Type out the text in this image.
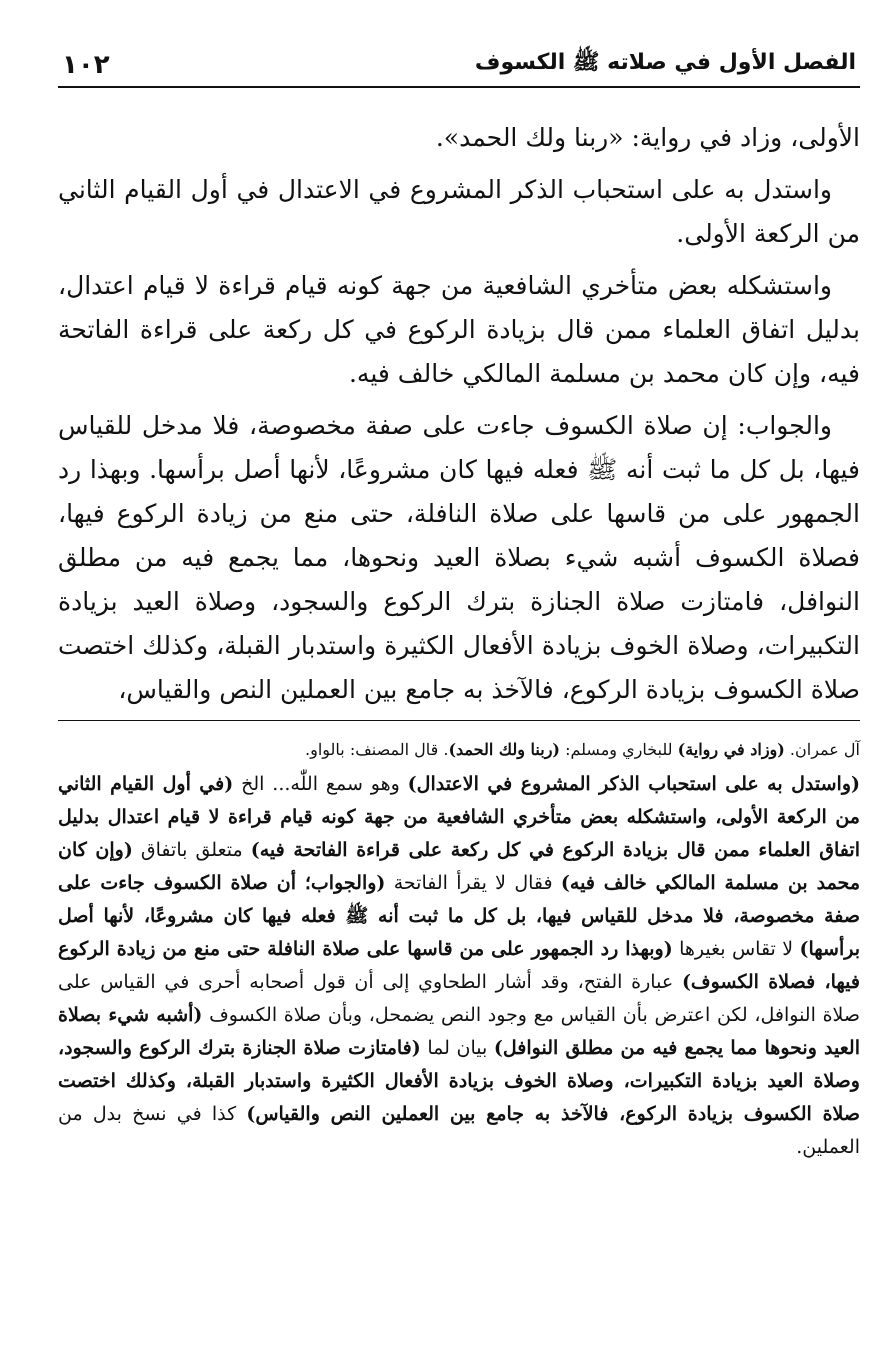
الفصل الأول في صلاته ﷺ الكسوف
١٠٢

الأولى، وزاد في رواية: «ربنا ولك الحمد».

واستدل به على استحباب الذكر المشروع في الاعتدال في أول القيام الثاني من الركعة الأولى.

واستشكله بعض متأخري الشافعية من جهة كونه قيام قراءة لا قيام اعتدال، بدليل اتفاق العلماء ممن قال بزيادة الركوع في كل ركعة على قراءة الفاتحة فيه، وإن كان محمد بن مسلمة المالكي خالف فيه.

والجواب: إن صلاة الكسوف جاءت على صفة مخصوصة، فلا مدخل للقياس فيها، بل كل ما ثبت أنه ﷺ فعله فيها كان مشروعًا، لأنها أصل برأسها. وبهذا رد الجمهور على من قاسها على صلاة النافلة، حتى منع من زيادة الركوع فيها، فصلاة الكسوف أشبه شيء بصلاة العيد ونحوها، مما يجمع فيه من مطلق النوافل، فامتازت صلاة الجنازة بترك الركوع والسجود، وصلاة العيد بزيادة التكبيرات، وصلاة الخوف بزيادة الأفعال الكثيرة واستدبار القبلة، وكذلك اختصت صلاة الكسوف بزيادة الركوع، فالآخذ به جامع بين العملين النص والقياس،

آل عمران. (وزاد في رواية) للبخاري ومسلم: (ربنا ولك الحمد). قال المصنف: بالواو.

(واستدل به على استحباب الذكر المشروع في الاعتدال) وهو سمع اللّٰه... الخ (في أول القيام الثاني من الركعة الأولى، واستشكله بعض متأخري الشافعية من جهة كونه قيام قراءة لا قيام اعتدال بدليل اتفاق العلماء ممن قال بزيادة الركوع في كل ركعة على قراءة الفاتحة فيه) متعلق باتفاق (وإن كان محمد بن مسلمة المالكي خالف فيه) فقال لا يقرأ الفاتحة (والجواب؛ أن صلاة الكسوف جاءت على صفة مخصوصة، فلا مدخل للقياس فيها، بل كل ما ثبت أنه ﷺ فعله فيها كان مشروعًا، لأنها أصل برأسها) لا تقاس بغيرها (وبهذا رد الجمهور على من قاسها على صلاة النافلة حتى منع من زيادة الركوع فيها، فصلاة الكسوف) عبارة الفتح، وقد أشار الطحاوي إلى أن قول أصحابه أحرى في القياس على صلاة النوافل، لكن اعترض بأن القياس مع وجود النص يضمحل، وبأن صلاة الكسوف (أشبه شيء بصلاة العيد ونحوها مما يجمع فيه من مطلق النوافل) بيان لما (فامتازت صلاة الجنازة بترك الركوع والسجود، وصلاة العيد بزيادة التكبيرات، وصلاة الخوف بزيادة الأفعال الكثيرة واستدبار القبلة، وكذلك اختصت صلاة الكسوف بزيادة الركوع، فالآخذ به جامع بين العملين النص والقياس) كذا في نسخ بدل من العملين.
